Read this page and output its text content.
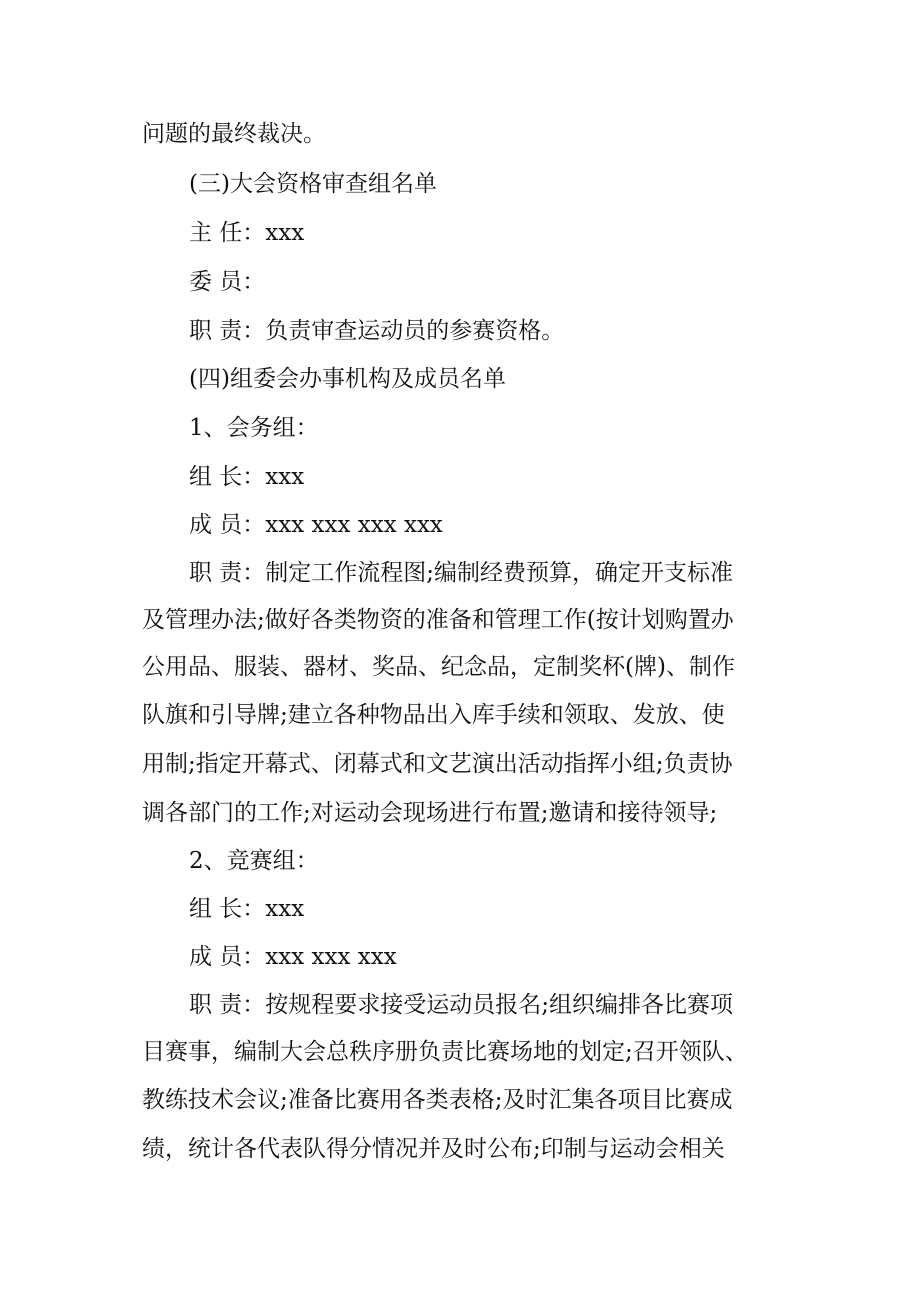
问题的最终裁决。
(三)大会资格审查组名单
主 任：xxx
委 员：
职 责：负责审查运动员的参赛资格。
(四)组委会办事机构及成员名单
1、会务组：
组 长：xxx
成 员：xxx xxx xxx xxx
职 责：制定工作流程图;编制经费预算，确定开支标准
及管理办法;做好各类物资的准备和管理工作(按计划购置办
公用品、服装、器材、奖品、纪念品，定制奖杯(牌)、制作
队旗和引导牌;建立各种物品出入库手续和领取、发放、使
用制;指定开幕式、闭幕式和文艺演出活动指挥小组;负责协
调各部门的工作;对运动会现场进行布置;邀请和接待领导;
2、竞赛组：
组 长：xxx
成 员：xxx xxx xxx
职 责：按规程要求接受运动员报名;组织编排各比赛项
目赛事，编制大会总秩序册负责比赛场地的划定;召开领队、
教练技术会议;准备比赛用各类表格;及时汇集各项目比赛成
绩，统计各代表队得分情况并及时公布;印制与运动会相关
